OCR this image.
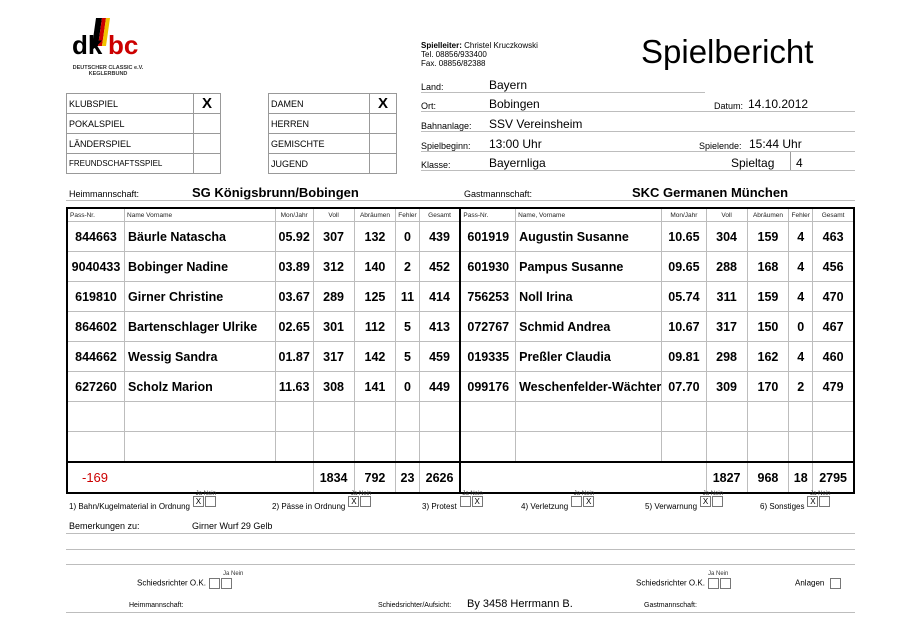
dk bc
DEUTSCHER CLASSIC e.V.
KEGLERBUND
Spielleiter: Christel Kruczkowski
Tel. 08856/933400
Fax. 08856/82388	Spielbericht
KLUBSPIEL	X
POKALSPIEL	
LÄNDERSPIEL	
FREUNDSCHAFTSSPIEL	
DAMEN	X
HERREN	
GEMISCHTE	
JUGEND	
Land:	Bayern
Ort:	Bobingen	Datum: 14.10.2012
Bahnanlage: SSV Vereinsheim
Spielbeginn: 13:00 Uhr	Spielende: 15:44 Uhr
Klasse:	Bayernliga	Spieltag 4
Heimmannschaft:	SG Königsbrunn/Bobingen	Gastmannschaft:	SKC Germanen München
Pass-Nr.	Name Vorname	Mon/Jahr	Voll	Abräumen	Fehler	Gesamt	Pass-Nr.	Name, Vorname	Mon/Jahr	Voll	Abräumen	Fehler	Gesamt
844663	Bäurle Natascha	05.92	307	132	0	439	601919	Augustin Susanne	10.65	304	159	4	463
9040433	Bobinger Nadine	03.89	312	140	2	452	601930	Pampus Susanne	09.65	288	168	4	456
619810	Girner Christine	03.67	289	125	11	414	756253	Noll Irina	05.74	311	159	4	470
864602	Bartenschlager Ulrike	02.65	301	112	5	413	072767	Schmid Andrea	10.67	317	150	0	467
844662	Wessig Sandra	01.87	317	142	5	459	019335	Preßler Claudia	09.81	298	162	4	460
627260	Scholz Marion	11.63	308	141	0	449	099176	Weschenfelder-Wächter	07.70	309	170	2	479

-169			1834	792	23	2626				1827	968	18	2795
1) Bahn/Kugelmaterial in Ordnung
Ja Nein
X
2) Pässe in Ordnung
Ja Nein
X
3) Protest
Ja Nein
X
4) Verletzung
Ja Nein
X
5) Verwarnung
Ja Nein
X
6) Sonstiges
Ja Nein
X
Bemerkungen zu:	Girner Wurf 29 Gelb
Ja Nein
Schiedsrichter O.K.
Ja Nein
Schiedsrichter O.K.	Anlagen
Heimmannschaft:	Schiedsrichter/Aufsicht: By 3458 Herrmann B.	Gastmannschaft:
